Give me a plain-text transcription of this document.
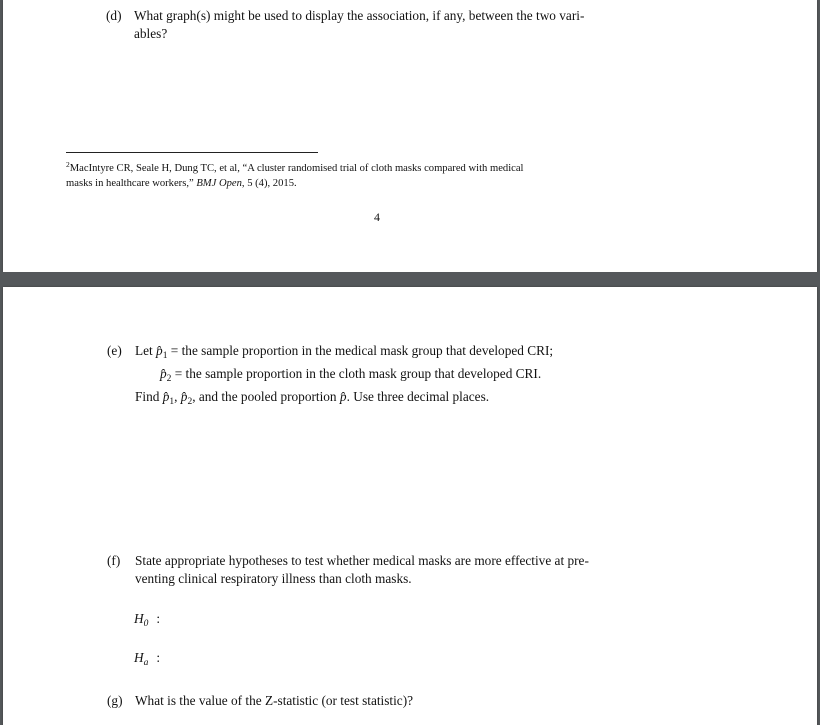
(d) What graph(s) might be used to display the association, if any, between the two vari-
ables?
$^2$MacIntyre CR, Seale H, Dung TC, et al, “A cluster randomised trial of cloth masks compared with medical
masks in healthcare workers,” BMJ Open, 5 (4), 2015.
4
(e) Let $p̂_1$ = the sample proportion in the medical mask group that developed CRI;
$p̂_2$ = the sample proportion in the cloth mask group that developed CRI.
Find $p̂_1$, $p̂_2$, and the pooled proportion p̂. Use three decimal places.
(f) State appropriate hypotheses to test whether medical masks are more effective at pre-
venting clinical respiratory illness than cloth masks.
$H_0$ :
$H_a$ :
(g) What is the value of the Z-statistic (or test statistic)?
